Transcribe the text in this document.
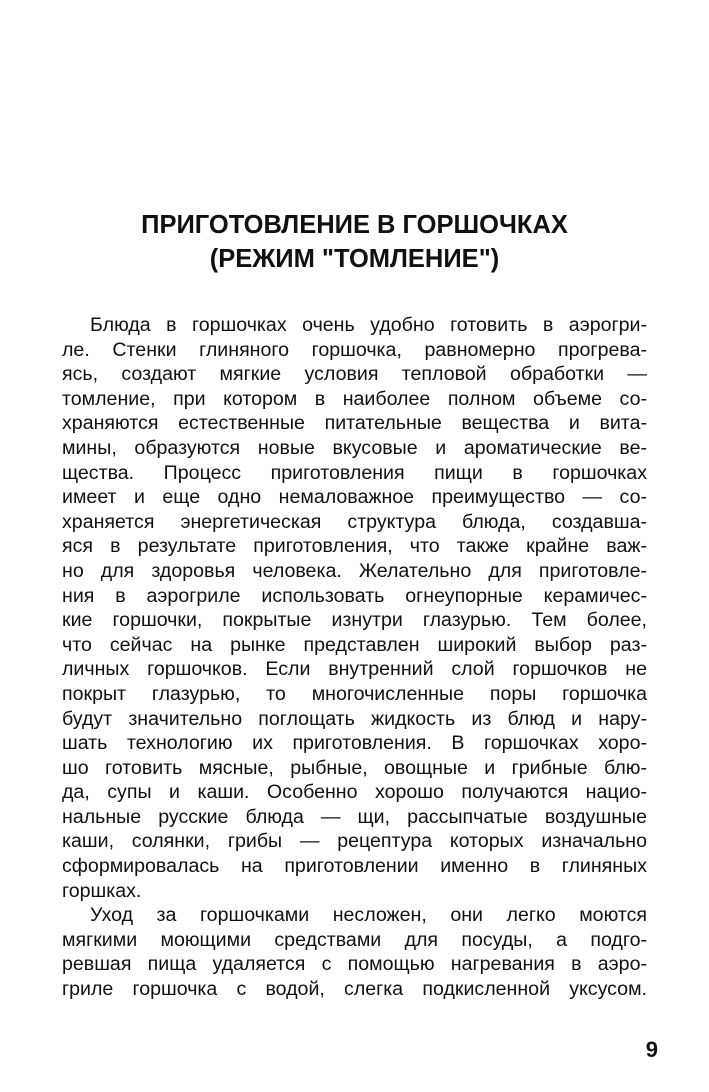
ПРИГОТОВЛЕНИЕ В ГОРШОЧКАХ
(РЕЖИМ "ТОМЛЕНИЕ")
Блюда в горшочках очень удобно готовить в аэрогри-
ле. Стенки глиняного горшочка, равномерно прогрева-
ясь, создают мягкие условия тепловой обработки —
томление, при котором в наиболее полном объеме со-
храняются естественные питательные вещества и вита-
мины, образуются новые вкусовые и ароматические ве-
щества. Процесс приготовления пищи в горшочках
имеет и еще одно немаловажное преимущество — со-
храняется энергетическая структура блюда, создавша-
яся в результате приготовления, что также крайне важ-
но для здоровья человека. Желательно для приготовле-
ния в аэрогриле использовать огнеупорные керамичес-
кие горшочки, покрытые изнутри глазурью. Тем более,
что сейчас на рынке представлен широкий выбор раз-
личных горшочков. Если внутренний слой горшочков не
покрыт глазурью, то многочисленные поры горшочка
будут значительно поглощать жидкость из блюд и нару-
шать технологию их приготовления. В горшочках хоро-
шо готовить мясные, рыбные, овощные и грибные блю-
да, супы и каши. Особенно хорошо получаются нацио-
нальные русские блюда — щи, рассыпчатые воздушные
каши, солянки, грибы — рецептура которых изначально
сформировалась на приготовлении именно в глиняных
горшках.
Уход за горшочками несложен, они легко моются
мягкими моющими средствами для посуды, а подго-
ревшая пища удаляется с помощью нагревания в аэро-
гриле горшочка с водой, слегка подкисленной уксусом.
9
